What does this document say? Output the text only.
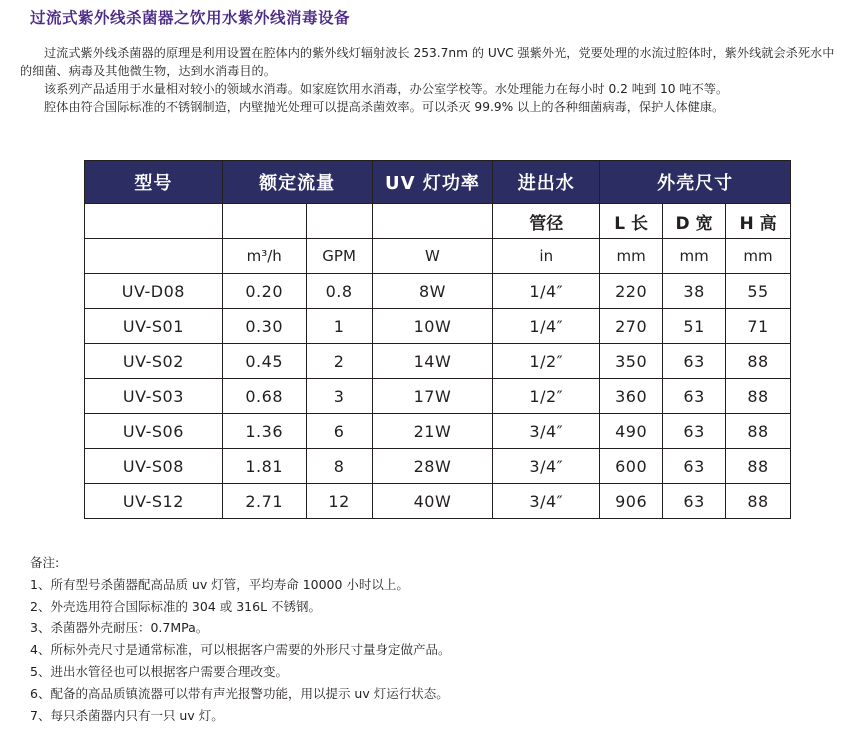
过流式紫外线杀菌器之饮用水紫外线消毒设备

过流式紫外线杀菌器的原理是利用设置在腔体内的紫外线灯辐射波长 253.7nm 的 UVC 强紫外光，党要处理的水流过腔体时，紫外线就会杀死水中的细菌、病毒及其他微生物，达到水消毒目的。

该系列产品适用于水量相对较小的领域水消毒。如家庭饮用水消毒，办公室学校等。水处理能力在每小时 0.2 吨到 10 吨不等。

腔体由符合国际标准的不锈钢制造，内壁抛光处理可以提高杀菌效率。可以杀灭 99.9% 以上的各种细菌病毒，保护人体健康。

型号	额定流量		UV 灯功率	进出水	外壳尺寸		
				管径	L 长	D 宽	H 高
	m³/h	GPM	W	in	mm	mm	mm
UV-D08	0.20	0.8	8W	1/4″	220	38	55
UV-S01	0.30	1	10W	1/4″	270	51	71
UV-S02	0.45	2	14W	1/2″	350	63	88
UV-S03	0.68	3	17W	1/2″	360	63	88
UV-S06	1.36	6	21W	3/4″	490	63	88
UV-S08	1.81	8	28W	3/4″	600	63	88
UV-S12	2.71	12	40W	3/4″	906	63	88
备注:
1、所有型号杀菌器配高品质 uv 灯管，平均寿命 10000 小时以上。
2、外壳选用符合国际标准的 304 或 316L 不锈钢。
3、杀菌器外壳耐压：0.7MPa。
4、所标外壳尺寸是通常标准，可以根据客户需要的外形尺寸量身定做产品。
5、进出水管径也可以根据客户需要合理改变。
6、配备的高品质镇流器可以带有声光报警功能，用以提示 uv 灯运行状态。
7、每只杀菌器内只有一只 uv 灯。
